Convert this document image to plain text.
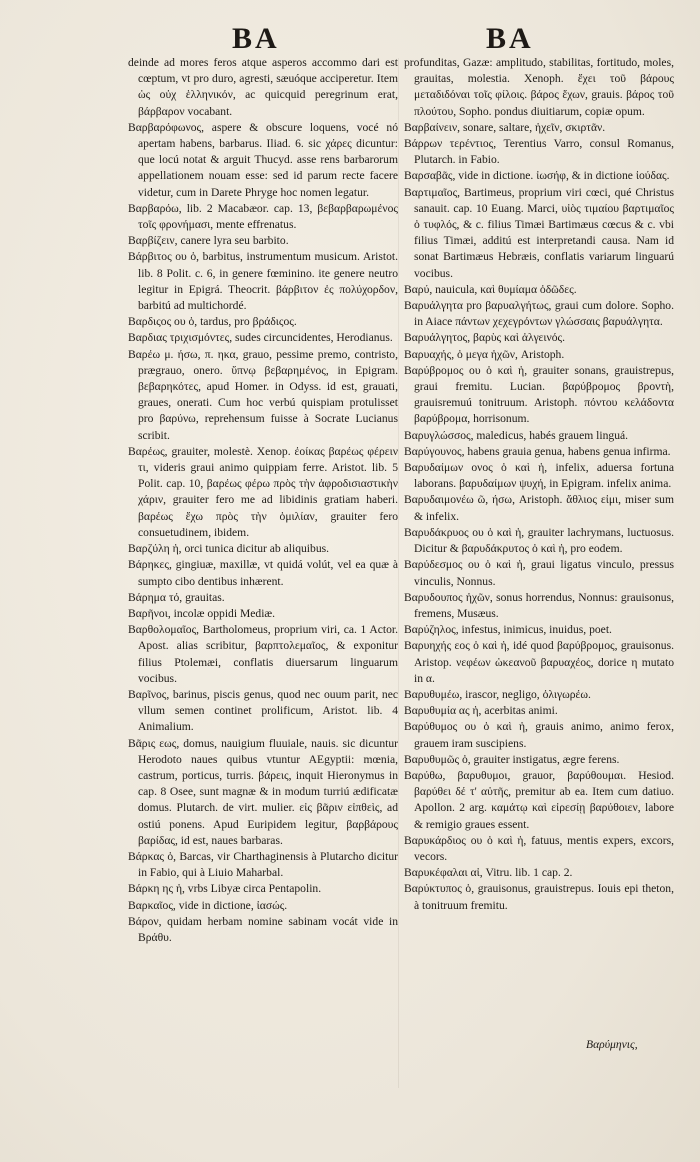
BA	BA

deinde ad mores feros atque asperos accommo dari est cœptum, vt pro duro, agresti, sæuóque acciperetur. Item ὡς οὐχ ἑλληνικόν, ac quicquid peregrinum erat, βάρβαρον vocabant.

Βαρβαρόφωνος, aspere & obscure loquens, vocé nó apertam habens, barbarus. Iliad. 6. sic χάρες dicuntur: que locú notat & arguit Thucyd. asse rens barbarorum appellationem nouam esse: sed id parum recte facere videtur, cum in Darete Phryge hoc nomen legatur.

Βαρβαρόω, lib. 2 Macabæor. cap. 13, βεβαρβαρωμένος τοῖς φρονήμασι, mente effrenatus.

Βαρβίζειν, canere lyra seu barbito.

Βάρβιτος ου ὁ, barbitus, instrumentum musicum. Aristot. lib. 8 Polit. c. 6, in genere fœminino. ite genere neutro legitur in Epigrá. Theocrit. βάρβιτον ἐς πολύχορδον, barbitú ad multichordé.

Βαρδιςος ου ὁ, tardus, pro βράδιςος.

Βαρδιας τριχισμόντες, sudes circuncidentes, Herodianus.

Βαρέω μ. ήσω, π. ηκα, grauo, pessime premo, contristo, prægrauo, onero. ὕπνῳ βεβαρημένος, in Epigram. βεβαρηκότες, apud Homer. in Odyss. id est, grauati, graues, onerati. Cum hoc verbú quispiam protulisset pro βαρύνω, reprehensum fuisse à Socrate Lucianus scribit.

Βαρέως, grauiter, molestè. Xenop. ἐοίκας βαρέως φέρειν τι, videris graui animo quippiam ferre. Aristot. lib. 5 Polit. cap. 10, βαρέως φέρω πρὸς τὴν ἀφροδισιαστικὴν χάριν, grauiter fero me ad libidinis gratiam haberi. βαρέως ἔχω πρὸς τὴν ὁμιλίαν, grauiter fero consuetudinem, ibidem.

Βαρζύλη ἡ, orci tunica dicitur ab aliquibus.

Βάρηκες, gingiuæ, maxillæ, vt quidá volút, vel ea quæ à sumpto cibo dentibus inhærent.

Βάρημα τό, grauitas.

Βαρῆνοι, incolæ oppidi Mediæ.

Βαρθολομαῖος, Bartholomeus, proprium viri, ca. 1 Actor. Apost. alias scribitur, βαρπτολεμαῖος, & exponitur filius Ptolemæi, conflatis diuersarum linguarum vocibus.

Βαρῖνος, barinus, piscis genus, quod nec ouum parit, nec vllum semen continet prolificum, Aristot. lib. 4 Animalium.

Βᾶρις εως, domus, nauigium fluuiale, nauis. sic dicuntur Herodoto naues quibus vtuntur AEgyptii: mœnia, castrum, porticus, turris. βάρεις, inquit Hieronymus in cap. 8 Osee, sunt magnæ & in modum turriú ædificatæ domus. Plutarch. de virt. mulier. εἰς βᾶριν εἰπθεὶς, ad ostiú ponens. Apud Euripidem legitur, βαρβάρους βαρίδας, id est, naues barbaras.

Βάρκας ὁ, Barcas, vir Charthaginensis à Plutarcho dicitur in Fabio, qui à Liuio Maharbal.

Βάρκη ης ἡ, vrbs Libyæ circa Pentapolin.

Βαρκαῖος, vide in dictione, ἰασώς.

Βάρον, quidam herbam nomine sabinam vocát vide in Βράθυ.

profunditas, Gazæ: amplitudo, stabilitas, fortitudo, moles, grauitas, molestia. Xenoph. ἔχει τοῦ βάρους μεταδιδόναι τοῖς φίλοις. βάρος ἔχων, grauis. βάρος τοῦ πλούτου, Sopho. pondus diuitiarum, copiæ opum.

Βαρβαίνειν, sonare, saltare, ἠχεῖν, σκιρτᾶν.

Βάρρων τερέντιος, Terentius Varro, consul Romanus, Plutarch. in Fabio.

Βαρσαβᾶς, vide in dictione. ἰωσήφ, & in dictione ἰούδας.

Βαρτιμαῖος, Bartimeus, proprium viri cœci, qué Christus sanauit. cap. 10 Euang. Marci, υἱὸς τιμαίου βαρτιμαῖος ὁ τυφλός, & c. filius Timæi Bartimæus cœcus & c. vbi filius Timæi, additú est interpretandi causa. Nam id sonat Bartimæus Hebræis, conflatis variarum linguarú vocibus.

Βαρύ, nauicula, καὶ θυμίαμα ὀδῶδες.

Βαρυάλγητα pro βαρυαλγήτως, graui cum dolore. Sopho. in Aiace πάντων χεχεγρόντων γλώσσαις βαρυάλγητα.

Βαρυάλγητος, βαρὺς καὶ ἀλγεινός.

Βαρυαχής, ὁ μεγα ἠχῶν, Aristoph.

Βαρύβρομος ου ὁ καὶ ἡ, grauiter sonans, grauistrepus, graui fremitu. Lucian. βαρύβρομος βροντὴ, grauisremuú tonitruum. Aristoph. πόντου κελάδοντα βαρύβρομα, horrisonum.

Βαρυγλώσσος, maledicus, habés grauem linguá.

Βαρύγουνος, habens grauia genua, habens genua infirma.

Βαρυδαίμων ονος ὁ καὶ ἡ, infelix, aduersa fortuna laborans. βαρυδαίμων ψυχή, in Epigram. infelix anima.

Βαρυδαιμονέω ῶ, ήσω, Aristoph. ἄθλιος εἰμι, miser sum & infelix.

Βαρυδάκρυος ου ὁ καὶ ἡ, grauiter lachrymans, luctuosus. Dicitur & βαρυδάκρυτος ὁ καὶ ἡ, pro eodem.

Βαρύδεσμος ου ὁ καὶ ἡ, graui ligatus vinculo, pressus vinculis, Nonnus.

Βαρυδουπος ἠχῶν, sonus horrendus, Nonnus: grauisonus, fremens, Musæus.

Βαρύζηλος, infestus, inimicus, inuidus, poet.

Βαρυηχής εος ὁ καὶ ἡ, idé quod βαρύβρομος, grauisonus. Aristop. νεφέων ὠκεανοῦ βαρυαχέος, dorice η mutato in α.

Βαρυθυμέω, irascor, negligo, ὀλιγωρέω.

Βαρυθυμία ας ἡ, acerbitas animi.

Βαρύθυμος ου ὁ καὶ ἡ, grauis animo, animo ferox, grauem iram suscipiens.

Βαρυθυμῶς ὁ, grauiter instigatus, ægre ferens.

Βαρύθω, βαρυθυμοι, grauor, βαρύθουμαι. Hesiod. βαρύθει δέ τ' αὐτῆς, premitur ab ea. Item cum datiuo. Apollon. 2 arg. καμάτῳ καὶ εἰρεσίῃ βαρύθοιεν, labore & remigio graues essent.

Βαρυκάρδιος ου ὁ καὶ ἡ, fatuus, mentis expers, excors, vecors.

Βαρυκέφαλαι αἱ, Vitru. lib. 1 cap. 2.

Βαρύκτυπος ὁ, grauisonus, grauistrepus. Iouis epi theton, à tonitruum fremitu.

Βαρύμηνις,
